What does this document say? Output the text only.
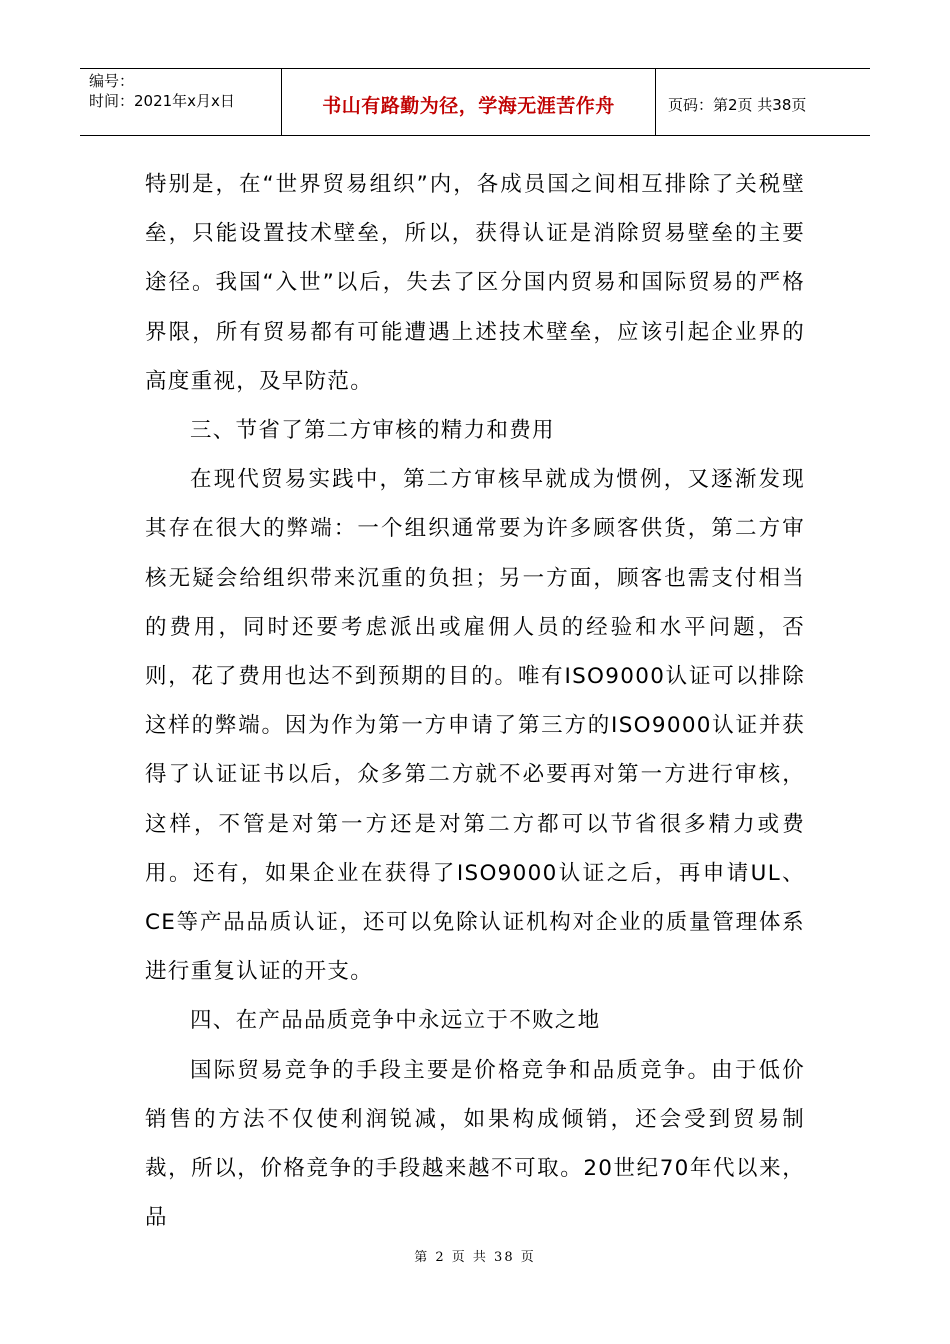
编号：
时间：2021年x月x日	书山有路勤为径，学海无涯苦作舟	页码：第2页 共38页

特别是，在“世界贸易组织”内，各成员国之间相互排除了关税壁垒，只能设置技术壁垒，所以，获得认证是消除贸易壁垒的主要途径。我国“入世”以后，失去了区分国内贸易和国际贸易的严格界限，所有贸易都有可能遭遇上述技术壁垒，应该引起企业界的高度重视，及早防范。

三、节省了第二方审核的精力和费用

在现代贸易实践中，第二方审核早就成为惯例，又逐渐发现其存在很大的弊端：一个组织通常要为许多顾客供货，第二方审核无疑会给组织带来沉重的负担；另一方面，顾客也需支付相当的费用，同时还要考虑派出或雇佣人员的经验和水平问题，否则，花了费用也达不到预期的目的。唯有ISO9000认证可以排除这样的弊端。因为作为第一方申请了第三方的ISO9000认证并获得了认证证书以后，众多第二方就不必要再对第一方进行审核，这样，不管是对第一方还是对第二方都可以节省很多精力或费用。还有，如果企业在获得了ISO9000认证之后，再申请UL、CE等产品品质认证，还可以免除认证机构对企业的质量管理体系进行重复认证的开支。

四、在产品品质竞争中永远立于不败之地

国际贸易竞争的手段主要是价格竞争和品质竞争。由于低价销售的方法不仅使利润锐减，如果构成倾销，还会受到贸易制裁，所以，价格竞争的手段越来越不可取。20世纪70年代以来，品

第 2 页 共 38 页
